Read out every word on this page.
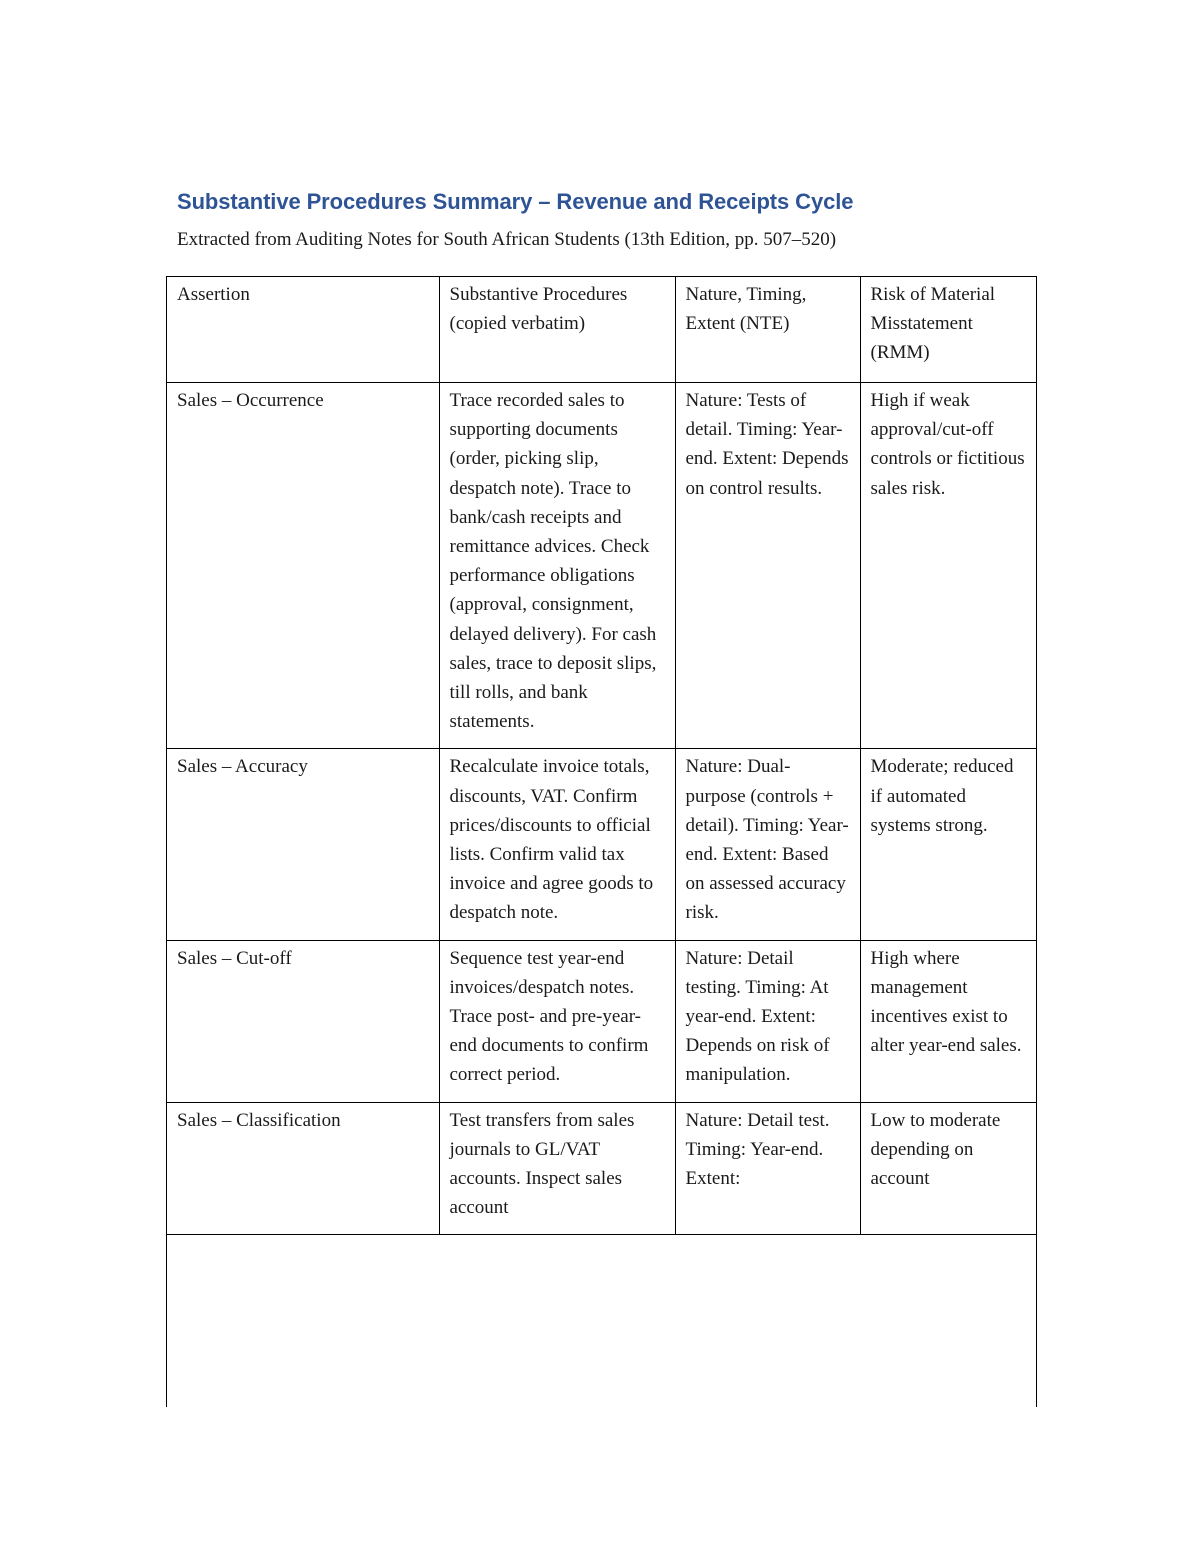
Substantive Procedures Summary – Revenue and Receipts Cycle
Extracted from Auditing Notes for South African Students (13th Edition, pp. 507–520)
Assertion	Substantive Procedures (copied verbatim)	Nature, Timing, Extent (NTE)	Risk of Material Misstatement (RMM)
Sales – Occurrence	Trace recorded sales to supporting documents (order, picking slip, despatch note). Trace to bank/cash receipts and remittance advices. Check performance obligations (approval, consignment, delayed delivery). For cash sales, trace to deposit slips, till rolls, and bank statements.	Nature: Tests of detail. Timing: Year-end. Extent: Depends on control results.	High if weak approval/cut-off controls or fictitious sales risk.
Sales – Accuracy	Recalculate invoice totals, discounts, VAT. Confirm prices/discounts to official lists. Confirm valid tax invoice and agree goods to despatch note.	Nature: Dual-purpose (controls + detail). Timing: Year-end. Extent: Based on assessed accuracy risk.	Moderate; reduced if automated systems strong.
Sales – Cut-off	Sequence test year-end invoices/despatch notes. Trace post- and pre-year-end documents to confirm correct period.	Nature: Detail testing. Timing: At year-end. Extent: Depends on risk of manipulation.	High where management incentives exist to alter year-end sales.
Sales – Classification	Test transfers from sales journals to GL/VAT accounts. Inspect sales account	Nature: Detail test. Timing: Year-end. Extent:	Low to moderate depending on account
